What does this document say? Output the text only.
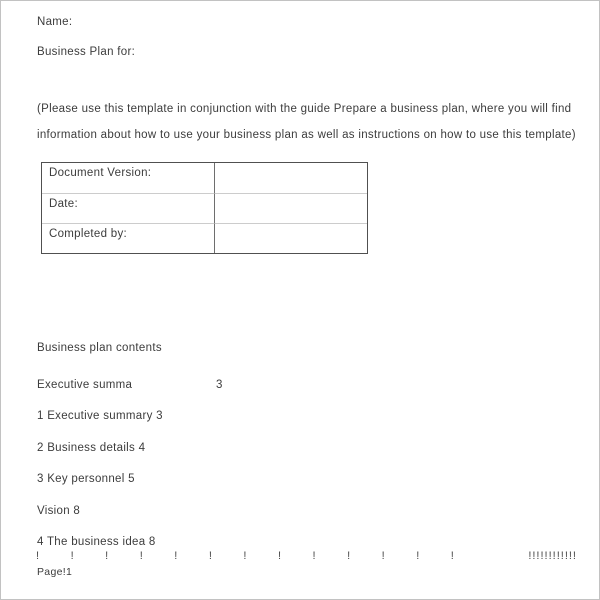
Name:
Business Plan for:
(Please use this template in conjunction with the guide Prepare a business plan, where you will find
information about how to use your business plan as well as instructions on how to use this template)
Document Version:
Date:
Completed by:
Business plan contents
Executive summa	3
1 Executive summary 3
2 Business details 4
3 Key personnel 5
Vision 8
4 The business idea 8
!	!	!	!	!	!	!	!	!	!	!	!	!	!!!!!!!!!!!!
Page!1
